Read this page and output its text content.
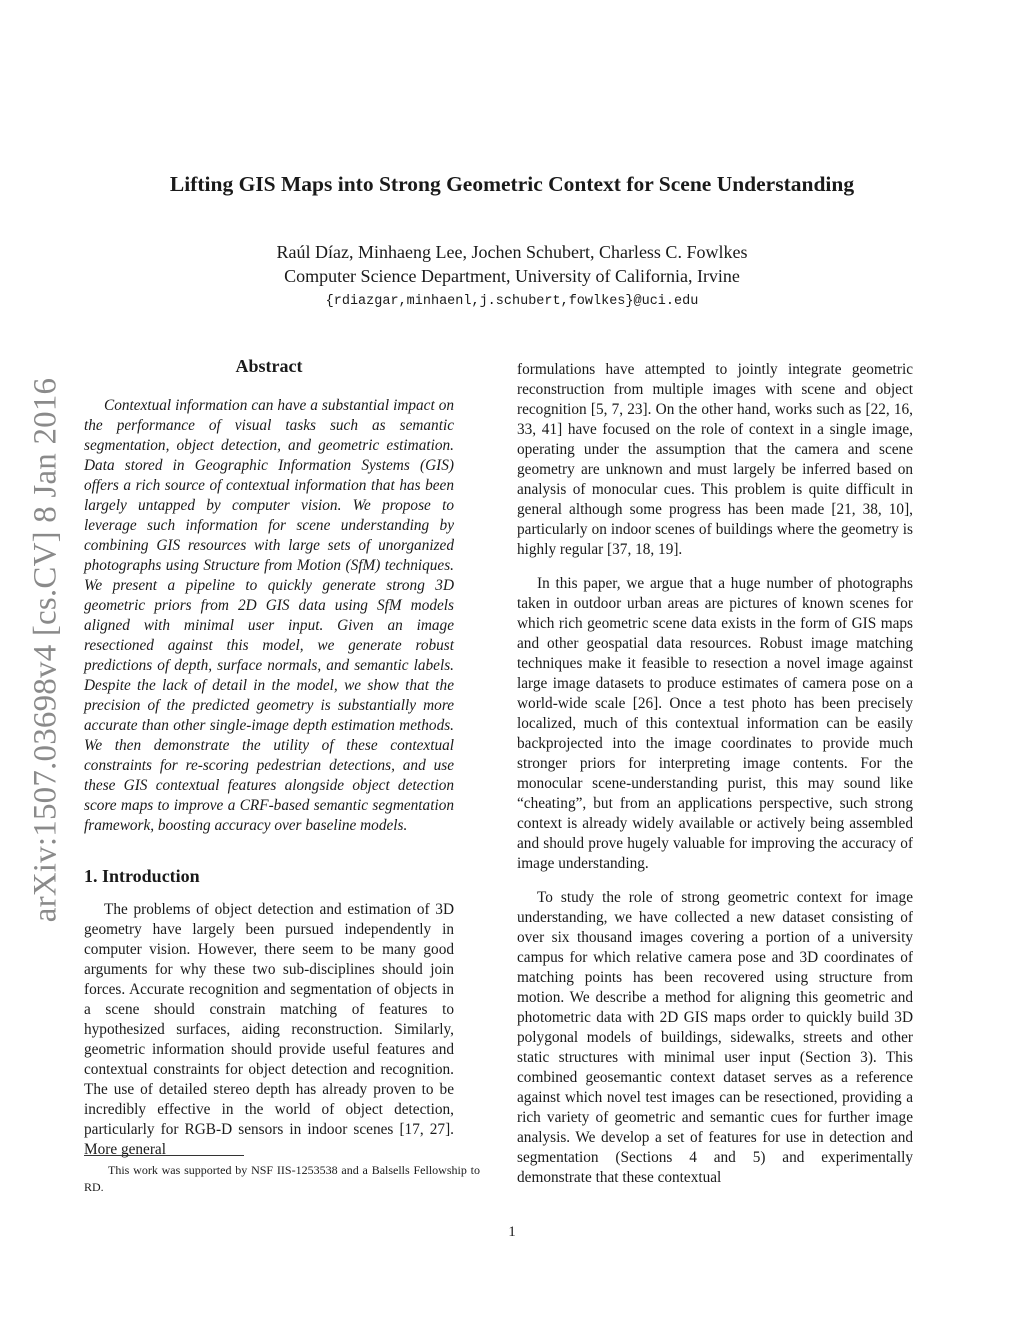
arXiv:1507.03698v4 [cs.CV] 8 Jan 2016
Lifting GIS Maps into Strong Geometric Context for Scene Understanding
Raúl Díaz, Minhaeng Lee, Jochen Schubert, Charless C. Fowlkes
Computer Science Department, University of California, Irvine
{rdiazgar,minhaenl,j.schubert,fowlkes}@uci.edu
Abstract

Contextual information can have a substantial impact on the performance of visual tasks such as semantic segmentation, object detection, and geometric estimation. Data stored in Geographic Information Systems (GIS) offers a rich source of contextual information that has been largely untapped by computer vision. We propose to leverage such information for scene understanding by combining GIS resources with large sets of unorganized photographs using Structure from Motion (SfM) techniques. We present a pipeline to quickly generate strong 3D geometric priors from 2D GIS data using SfM models aligned with minimal user input. Given an image resectioned against this model, we generate robust predictions of depth, surface normals, and semantic labels. Despite the lack of detail in the model, we show that the precision of the predicted geometry is substantially more accurate than other single-image depth estimation methods. We then demonstrate the utility of these contextual constraints for re-scoring pedestrian detections, and use these GIS contextual features alongside object detection score maps to improve a CRF-based semantic segmentation framework, boosting accuracy over baseline models.

1. Introduction

The problems of object detection and estimation of 3D geometry have largely been pursued independently in computer vision. However, there seem to be many good arguments for why these two sub-disciplines should join forces. Accurate recognition and segmentation of objects in a scene should constrain matching of features to hypothesized surfaces, aiding reconstruction. Similarly, geometric information should provide useful features and contextual constraints for object detection and recognition. The use of detailed stereo depth has already proven to be incredibly effective in the world of object detection, particularly for RGB-D sensors in indoor scenes [17, 27]. More general

formulations have attempted to jointly integrate geometric reconstruction from multiple images with scene and object recognition [5, 7, 23]. On the other hand, works such as [22, 16, 33, 41] have focused on the role of context in a single image, operating under the assumption that the camera and scene geometry are unknown and must largely be inferred based on analysis of monocular cues. This problem is quite difficult in general although some progress has been made [21, 38, 10], particularly on indoor scenes of buildings where the geometry is highly regular [37, 18, 19].

In this paper, we argue that a huge number of photographs taken in outdoor urban areas are pictures of known scenes for which rich geometric scene data exists in the form of GIS maps and other geospatial data resources. Robust image matching techniques make it feasible to resection a novel image against large image datasets to produce estimates of camera pose on a world-wide scale [26]. Once a test photo has been precisely localized, much of this contextual information can be easily backprojected into the image coordinates to provide much stronger priors for interpreting image contents. For the monocular scene-understanding purist, this may sound like “cheating”, but from an applications perspective, such strong context is already widely available or actively being assembled and should prove hugely valuable for improving the accuracy of image understanding.

To study the role of strong geometric context for image understanding, we have collected a new dataset consisting of over six thousand images covering a portion of a university campus for which relative camera pose and 3D coordinates of matching points has been recovered using structure from motion. We describe a method for aligning this geometric and photometric data with 2D GIS maps order to quickly build 3D polygonal models of buildings, sidewalks, streets and other static structures with minimal user input (Section 3). This combined geosemantic context dataset serves as a reference against which novel test images can be resectioned, providing a rich variety of geometric and semantic cues for further image analysis. We develop a set of features for use in detection and segmentation (Sections 4 and 5) and experimentally demonstrate that these contextual

This work was supported by NSF IIS-1253538 and a Balsells Fellowship to RD.

1
